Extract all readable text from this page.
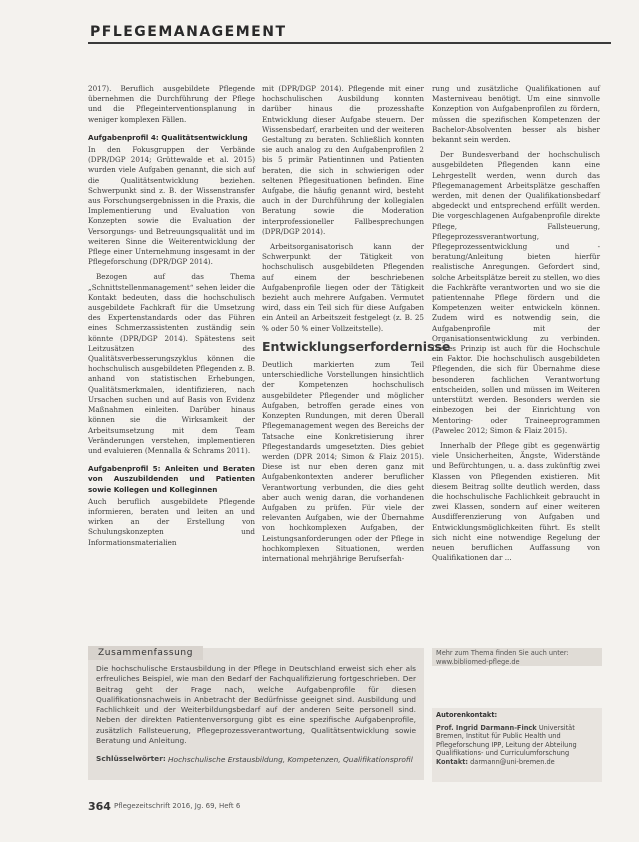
PFLEGEMANAGEMENT

2017). Beruflich ausgebildete Pflegende übernehmen die Durchführung der Pflege und die Pflegeinterventionsplanung in weniger komplexen Fällen.

Aufgabenprofil 4: Qualitätsentwicklung

In den Fokusgruppen der Verbände (DPR/DGP 2014; Grüttewalde et al. 2015) wurden viele Aufgaben genannt, die sich auf die Qualitätsentwicklung beziehen. Schwerpunkt sind z. B. der Wissenstransfer aus Forschungsergebnissen in die Praxis, die Implementierung und Evaluation von Konzepten sowie die Evaluation der Versorgungs- und Betreuungsqualität und im weiteren Sinne die Weiterentwicklung der Pflege einer Unternehmung insgesamt in der Pflegeforschung (DPR/DGP 2014).

Bezogen auf das Thema „Schnittstellenmanagement“ sehen leider die Kontakt bedeuten, dass die hochschulisch ausgebildete Fachkraft für die Umsetzung des Expertenstandards oder das Führen eines Schmerzassistenten zuständig sein könnte (DPR/DGP 2014). Spätestens seit Leitzusätzen des Qualitätsverbesserungszyklus können die hochschulisch ausgebildeten Pflegenden z. B. anhand von statistischen Erhebungen, Qualitätsmerkmalen, identifizieren, nach Ursachen suchen und auf Basis von Evidenz Maßnahmen einleiten. Darüber hinaus können sie die Wirksamkeit der Arbeitsumsetzung mit dem Team Veränderungen verstehen, implementieren und evaluieren (Mennalla & Schrams 2011).

Aufgabenprofil 5: Anleiten und Beraten von Auszubildenden und Patienten sowie Kollegen und Kolleginnen

Auch beruflich ausgebildete Pflegende informieren, beraten und leiten an und wirken an der Erstellung von Schulungskonzepten und Informationsmaterialien

mit (DPR/DGP 2014). Pflegende mit einer hochschulischen Ausbildung konnten darüber hinaus die prozesshafte Entwicklung dieser Aufgabe steuern. Der Wissensbedarf, erarbeiten und der weiteren Gestaltung zu beraten. Schließlich konnten sie auch analog zu den Aufgabenprofilen 2 bis 5 primär Patientinnen und Patienten beraten, die sich in schwierigen oder seltenen Pflegesituationen befinden. Eine Aufgabe, die häufig genannt wird, besteht auch in der Durchführung der kollegialen Beratung sowie die Moderation interprofessioneller Fallbesprechungen (DPR/DGP 2014).

Arbeitsorganisatorisch kann der Schwerpunkt der Tätigkeit von hochschulisch ausgebildeten Pflegenden auf einem der beschriebenen Aufgabenprofile liegen oder der Tätigkeit bezieht auch mehrere Aufgaben. Vermutet wird, dass ein Teil sich für diese Aufgaben ein Anteil an Arbeitszeit festgelegt (z. B. 25 % oder 50 % einer Vollzeitstelle).

Entwicklungserfordernisse

Deutlich markierten zum Teil unterschiedliche Vorstellungen hinsichtlich der Kompetenzen hochschulisch ausgebildeter Pflegender und möglicher Aufgaben, betroffen gerade eines von Konzepten Rundungen, mit deren Überall Pflegemanagement wegen des Bereichs der Tatsache eine Konkretisierung ihrer Pflegestandards umgesetzten. Dies gebiet werden (DPR 2014; Simon & Flaiz 2015). Diese ist nur eben deren ganz mit Aufgabenkontexten anderer beruflicher Verantwortung verbunden, die dies geht aber auch wenig daran, die vorhandenen Aufgaben zu prüfen. Für viele der relevanten Aufgaben, wie der Übernahme von hochkomplexen Aufgaben, der Leistungsanforderungen oder der Pflege in hochkomplexen Situationen, werden international mehrjährige Berufserfah-

rung und zusätzliche Qualifikationen auf Masterniveau benötigt. Um eine sinnvolle Konzeption von Aufgabenprofilen zu fördern, müssen die spezifischen Kompetenzen der Bachelor-Absolventen besser als bisher bekannt sein werden.

Der Bundesverband der hochschulisch ausgebildeten Pflegenden kann eine Lehrgestellt werden, wenn durch das Pflegemanagement Arbeitsplätze geschaffen werden, mit denen der Qualifikationsbedarf abgedeckt und entsprechend erfüllt werden. Die vorgeschlagenen Aufgabenprofile direkte Pflege, Fallsteuerung, Pflegeprozessverantwortung, Pflegeprozessentwicklung und -beratung/Anleitung bieten hierfür realistische Anregungen. Gefordert sind, solche Arbeitsplätze bereit zu stellen, wo dies die Fachkräfte verantworten und wo sie die patientennahe Pflege fördern und die Kompetenzen weiter entwickeln können. Zudem wird es notwendig sein, die Aufgabenprofile mit der Organisationsentwicklung zu verbinden. Dieses Prinzip ist auch für die Hochschule ein Faktor. Die hochschulisch ausgebildeten Pflegenden, die sich für Übernahme diese besonderen fachlichen Verantwortung entscheiden, sollen und müssen im Weiteren unterstützt werden. Besonders werden sie einbezogen bei der Einrichtung von Mentoring- oder Traineeprogrammen (Pawelec 2012; Simon & Flaiz 2015).

Innerhalb der Pflege gibt es gegenwärtig viele Unsicherheiten, Ängste, Widerstände und Befürchtungen, u. a. dass zukünftig zwei Klassen von Pflegenden existieren. Mit diesem Beitrag sollte deutlich werden, dass die hochschulische Fachlichkeit gebraucht in zwei Klassen, sondern auf einer weiteren Ausdifferenzierung von Aufgaben und Entwicklungsmöglichkeiten führt. Es stellt sich nicht eine notwendige Regelung der neuen beruflichen Auffassung von Qualifikationen dar ...

Zusammenfassung

Die hochschulische Erstausbildung in der Pflege in Deutschland erweist sich eher als erfreuliches Beispiel, wie man den Bedarf der Fachqualifizierung fortgeschrieben. Der Beitrag geht der Frage nach, welche Aufgabenprofile für diesen Qualifikationsnachweis in Anbetracht der Bedürfnisse geeignet sind. Ausbildung und Fachlichkeit und der Weiterbildungsbedarf auf der anderen Seite personell sind. Neben der direkten Patientenversorgung gibt es eine spezifische Aufgabenprofile, zusätzlich Fallsteuerung, Pflegeprozessverantwortung, Qualitätsentwicklung sowie Beratung und Anleitung.

Schlüsselwörter: Hochschulische Erstausbildung, Kompetenzen, Qualifikationsprofil
Mehr zum Thema finden Sie auch unter: www.bibliomed-pflege.de
Autorenkontakt:
Prof. Ingrid Darmann-Finck Universität Bremen, Institut für Public Health und Pflegeforschung IPP, Leitung der Abteilung Qualifikations- und Curriculumforschung
Kontakt: darmann@uni-bremen.de
364 Pflegezeitschrift 2016, Jg. 69, Heft 6
